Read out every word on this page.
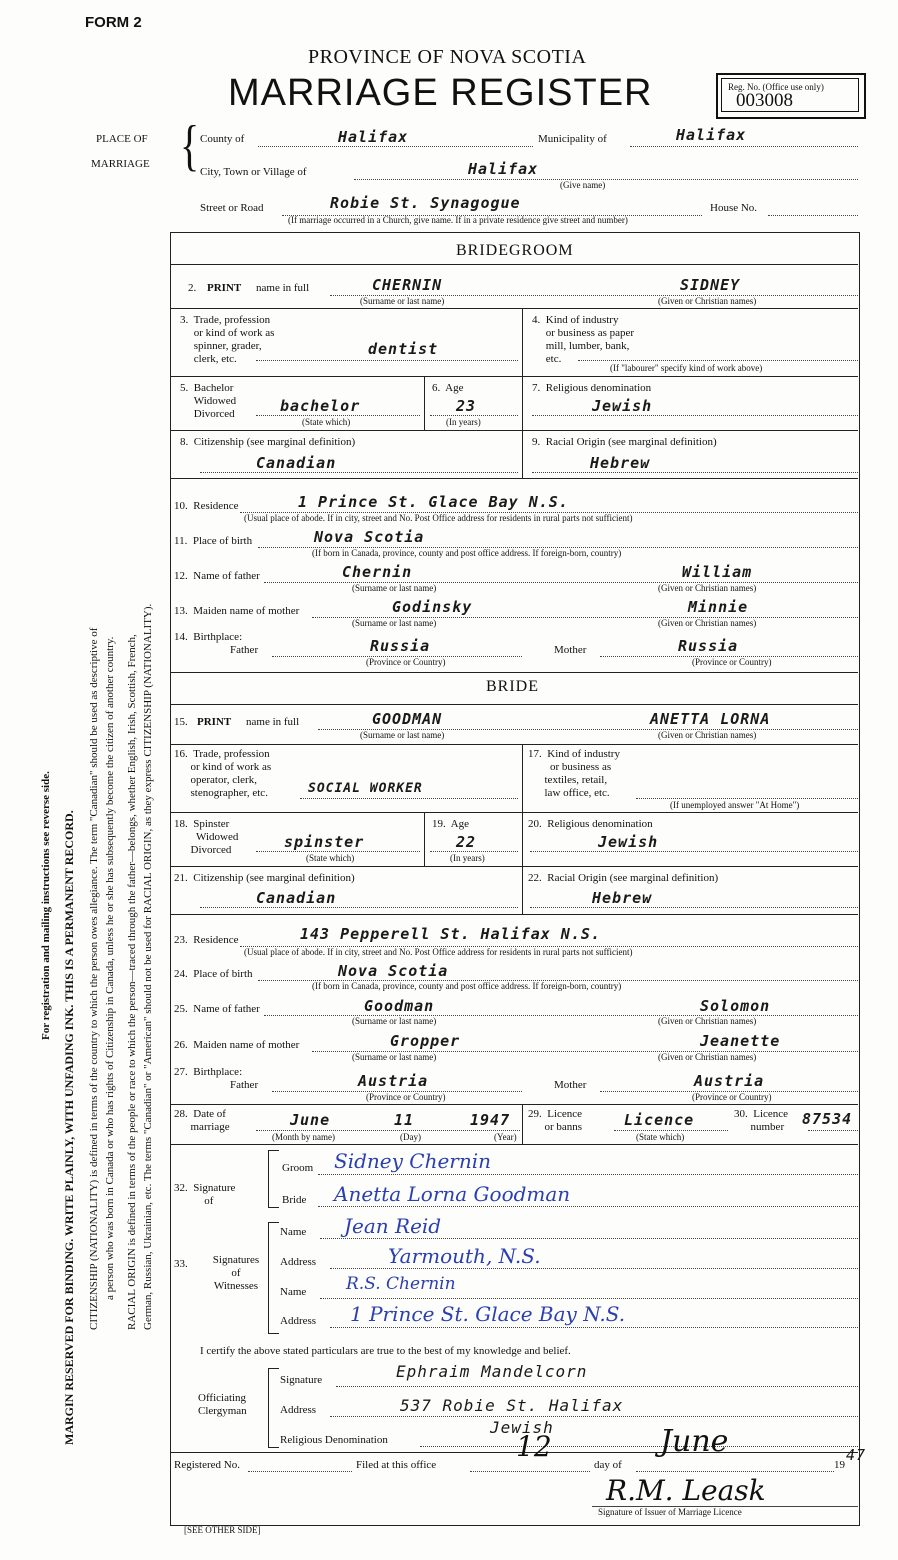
For registration and mailing instructions see reverse side. MARGIN RESERVED FOR BINDING. WRITE PLAINLY, WITH UNFADING INK. THIS IS A PERMANENT RECORD. CITIZENSHIP (NATIONALITY) is defined in terms of the country to which the person owes allegiance. The term "Canadian" should be used as descriptive of a person who was born in Canada or who has rights of Citizenship in Canada, unless he or she has subsequently become the citizen of another country. RACIAL ORIGIN is defined in terms of the people or race to which the person—traced through the father—belongs, whether English, Irish, Scottish, French, German, Russian, Ukrainian, etc. The terms "Canadian" or "American" should not be used for RACIAL ORIGIN, as they express CITIZENSHIP (NATIONALITY).
FORM 2
PROVINCE OF NOVA SCOTIA
MARRIAGE REGISTER	Reg. No. (Office use only)
003008
PLACE OF
MARRIAGE { County of	Halifax	Municipality of	Halifax
City, Town or Village of	Halifax
(Give name)
Street or Road	Robie St. Synagogue	House No.
(If marriage occurred in a Church, give name. If in a private residence give street and number)
BRIDEGROOM
2. PRINT name in full	CHERNIN	SIDNEY
(Surname or last name)	(Given or Christian names)
3. Trade, profession
or kind of work as
spinner, grader,
clerk, etc.
dentist
4. Kind of industry
or business as paper
mill, lumber, bank,
etc.
(If "labourer" specify kind of work above)
5. Bachelor
Widowed
Divorced	bachelor
(State which)
6. Age
23
(In years)
7. Religious denomination
Jewish
8. Citizenship (see marginal definition)
Canadian
9. Racial Origin (see marginal definition)
Hebrew
10. Residence	1 Prince St. Glace Bay N.S.
(Usual place of abode. If in city, street and No. Post Office address for residents in rural parts not sufficient)
11. Place of birth	Nova Scotia
(If born in Canada, province, county and post office address. If foreign-born, country)
12. Name of father	Chernin	William
(Surname or last name)	(Given or Christian names)
13. Maiden name of mother	Godinsky	Minnie
(Surname or last name)	(Given or Christian names)
14. Birthplace:
Father	Russia	Mother	Russia
(Province or Country)	(Province or Country)
BRIDE
15. PRINT name in full	GOODMAN	ANETTA LORNA
(Surname or last name)	(Given or Christian names)
16. Trade, profession
or kind of work as
operator, clerk,
stenographer, etc.	SOCIAL WORKER
17. Kind of industry
or business as
textiles, retail,
law office, etc.
(If unemployed answer "At Home")
18. Spinster
Widowed
Divorced	spinster
(State which)
19. Age
22
(In years)
20. Religious denomination
Jewish
21. Citizenship (see marginal definition)
Canadian
22. Racial Origin (see marginal definition)
Hebrew
23. Residence	143 Pepperell St. Halifax N.S.
(Usual place of abode. If in city, street and No. Post Office address for residents in rural parts not sufficient)
24. Place of birth	Nova Scotia
(If born in Canada, province, county and post office address. If foreign-born, country)
25. Name of father	Goodman	Solomon
(Surname or last name)	(Given or Christian names)
26. Maiden name of mother	Gropper	Jeanette
(Surname or last name)	(Given or Christian names)
27. Birthplace:
Father	Austria	Mother	Austria
(Province or Country)	(Province or Country)
28. Date of
marriage	June	11	1947
(Month by name)	(Day)	(Year)
29. Licence
or banns	Licence
(State which)
30. Licence
number 87534
32. Signature
of
Groom Sidney Chernin
Bride Anetta Lorna Goodman
33.	Signatures

of

Witnesses
Name Jean Reid
Address	Yarmouth, N.S.
Name R.S. Chernin
Address 1 Prince St. Glace Bay N.S.
I certify the above stated particulars are true to the best of my knowledge and belief.
Officiating
Clergyman
Signature	Ephraim Mandelcorn
Address	537 Robie St. Halifax
Religious Denomination
Jewish
Registered No.	Filed at this office
12
day of
June
19
47
R.M. Leask
Signature of Issuer of Marriage Licence
[SEE OTHER SIDE]
